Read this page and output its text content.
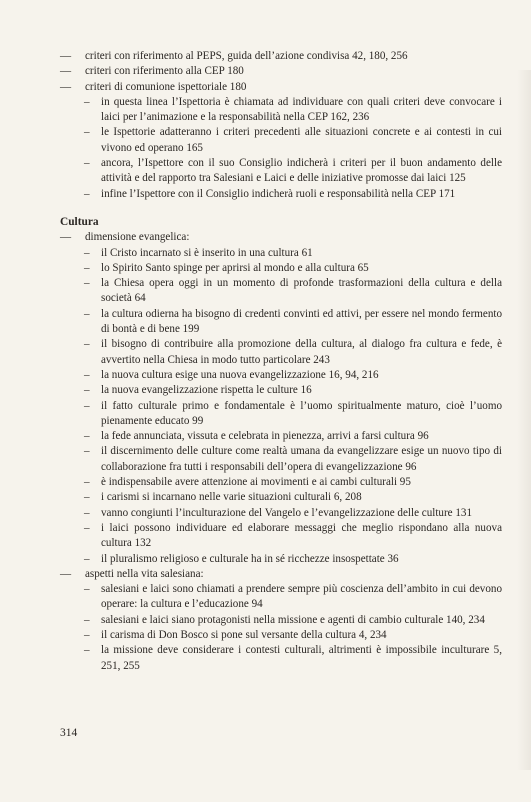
— criteri con riferimento al PEPS, guida dell’azione condivisa 42, 180, 256
— criteri con riferimento alla CEP 180
— criteri di comunione ispettoriale 180
– in questa linea l’Ispettoria è chiamata ad individuare con quali criteri deve convocare i laici per l’animazione e la responsabilità nella CEP 162, 236
– le Ispettorie adatteranno i criteri precedenti alle situazioni concrete e ai contesti in cui vivono ed operano 165
– ancora, l’Ispettore con il suo Consiglio indicherà i criteri per il buon andamento delle attività e del rapporto tra Salesiani e Laici e delle iniziative promosse dai laici 125
– infine l’Ispettore con il Consiglio indicherà ruoli e responsabilità nella CEP 171
Cultura
— dimensione evangelica:
– il Cristo incarnato si è inserito in una cultura 61
– lo Spirito Santo spinge per aprirsi al mondo e alla cultura 65
– la Chiesa opera oggi in un momento di profonde trasformazioni della cultura e della società 64
– la cultura odierna ha bisogno di credenti convinti ed attivi, per essere nel mondo fermento di bontà e di bene 199
– il bisogno di contribuire alla promozione della cultura, al dialogo fra cultura e fede, è avvertito nella Chiesa in modo tutto particolare 243
– la nuova cultura esige una nuova evangelizzazione 16, 94, 216
– la nuova evangelizzazione rispetta le culture 16
– il fatto culturale primo e fondamentale è l’uomo spiritualmente maturo, cioè l’uomo pienamente educato 99
– la fede annunciata, vissuta e celebrata in pienezza, arrivi a farsi cultura 96
– il discernimento delle culture come realtà umana da evangelizzare esige un nuovo tipo di collaborazione fra tutti i responsabili dell’opera di evangelizzazione 96
– è indispensabile avere attenzione ai movimenti e ai cambi culturali 95
– i carismi si incarnano nelle varie situazioni culturali 6, 208
– vanno congiunti l’inculturazione del Vangelo e l’evangelizzazione delle culture 131
– i laici possono individuare ed elaborare messaggi che meglio rispondano alla nuova cultura 132
– il pluralismo religioso e culturale ha in sé ricchezze insospettate 36
— aspetti nella vita salesiana:
– salesiani e laici sono chiamati a prendere sempre più coscienza dell’ambito in cui devono operare: la cultura e l’educazione 94
– salesiani e laici siano protagonisti nella missione e agenti di cambio culturale 140, 234
– il carisma di Don Bosco si pone sul versante della cultura 4, 234
– la missione deve considerare i contesti culturali, altrimenti è impossibile inculturare 5, 251, 255
314
